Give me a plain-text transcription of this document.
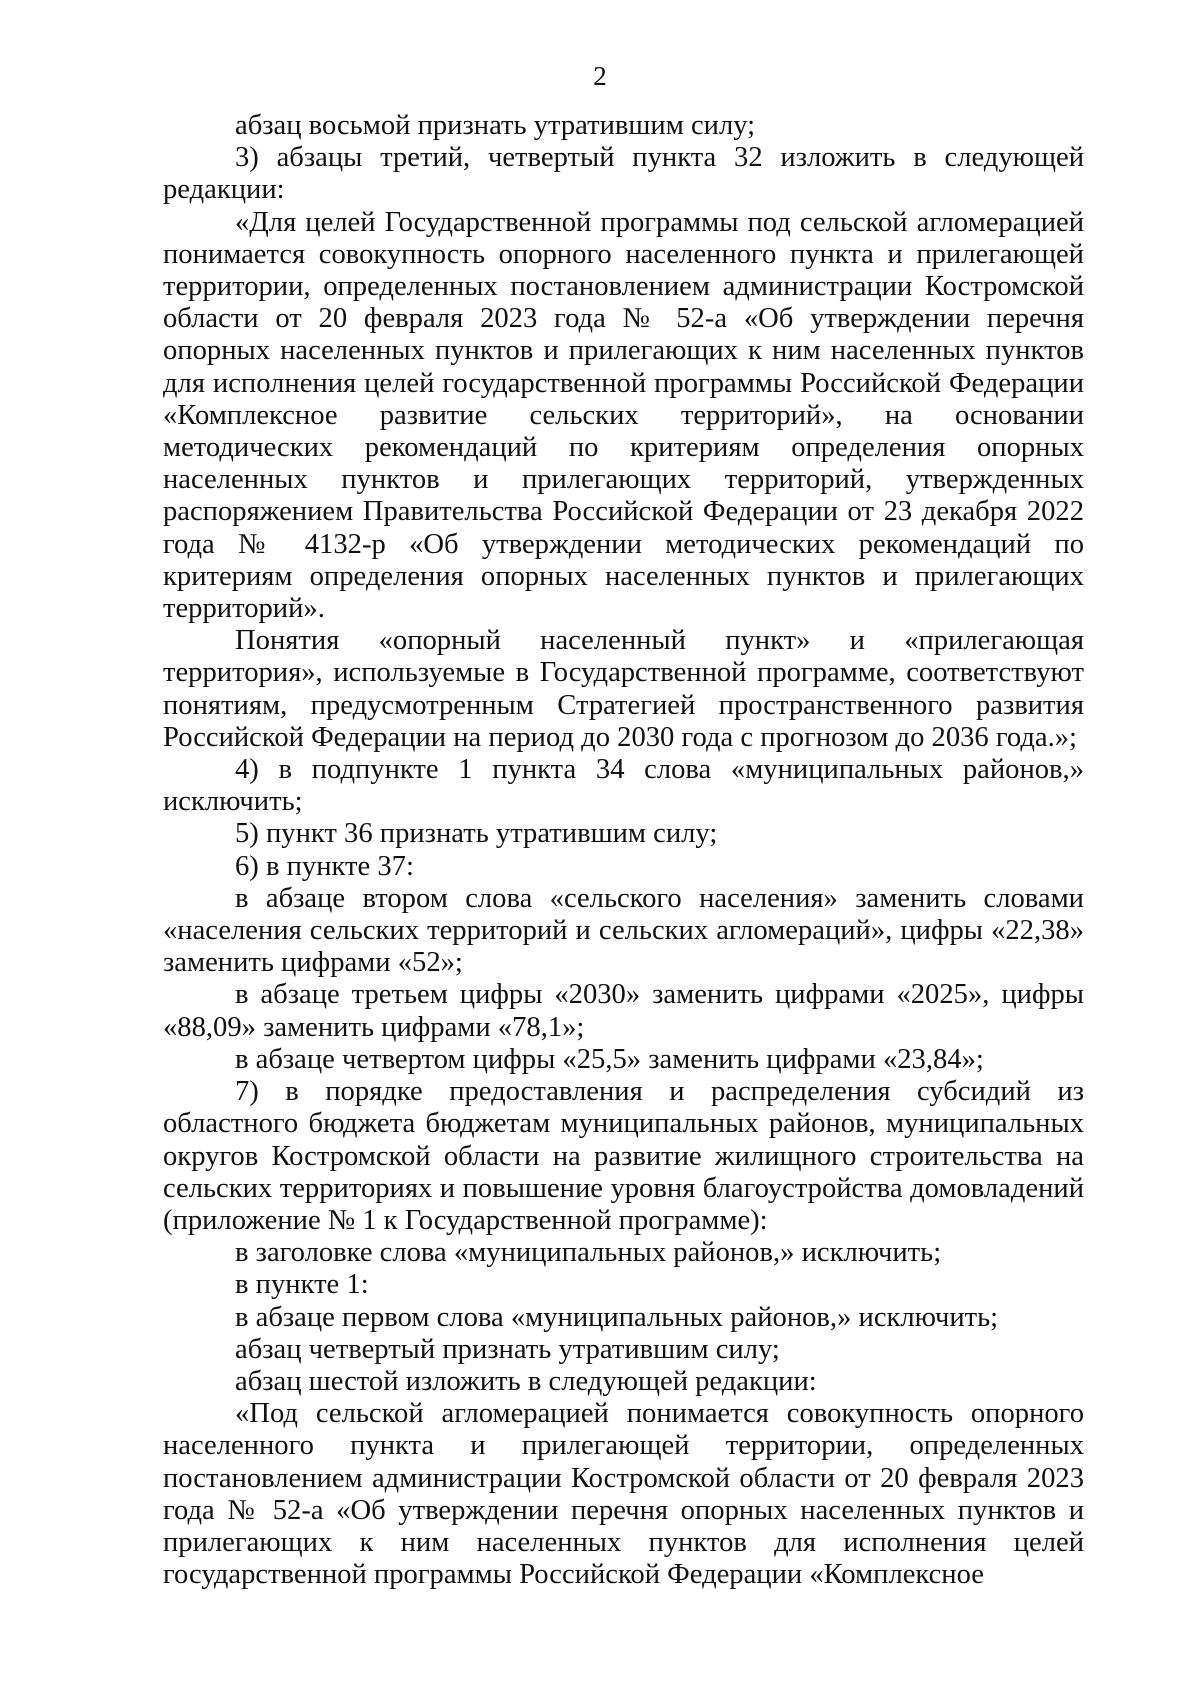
2

абзац восьмой признать утратившим силу;

3) абзацы третий, четвертый пункта 32 изложить в следующей редакции:

«Для целей Государственной программы под сельской агломерацией понимается совокупность опорного населенного пункта и прилегающей территории, определенных постановлением администрации Костромской области от 20 февраля 2023 года № 52-а «Об утверждении перечня опорных населенных пунктов и прилегающих к ним населенных пунктов для исполнения целей государственной программы Российской Федерации «Комплексное развитие сельских территорий», на основании методических рекомендаций по критериям определения опорных населенных пунктов и прилегающих территорий, утвержденных распоряжением Правительства Российской Федерации от 23 декабря 2022 года № 4132-р «Об утверждении методических рекомендаций по критериям определения опорных населенных пунктов и прилегающих территорий».

Понятия «опорный населенный пункт» и «прилегающая территория», используемые в Государственной программе, соответствуют понятиям, предусмотренным Стратегией пространственного развития Российской Федерации на период до 2030 года с прогнозом до 2036 года.»;

4) в подпункте 1 пункта 34 слова «муниципальных районов,» исключить;

5) пункт 36 признать утратившим силу;

6) в пункте 37:

в абзаце втором слова «сельского населения» заменить словами «населения сельских территорий и сельских агломераций», цифры «22,38» заменить цифрами «52»;

в абзаце третьем цифры «2030» заменить цифрами «2025», цифры «88,09» заменить цифрами «78,1»;

в абзаце четвертом цифры «25,5» заменить цифрами «23,84»;

7) в порядке предоставления и распределения субсидий из областного бюджета бюджетам муниципальных районов, муниципальных округов Костромской области на развитие жилищного строительства на сельских территориях и повышение уровня благоустройства домовладений (приложение № 1 к Государственной программе):

в заголовке слова «муниципальных районов,» исключить;

в пункте 1:

в абзаце первом слова «муниципальных районов,» исключить;

абзац четвертый признать утратившим силу;

абзац шестой изложить в следующей редакции:

«Под сельской агломерацией понимается совокупность опорного населенного пункта и прилегающей территории, определенных постановлением администрации Костромской области от 20 февраля 2023 года № 52-а «Об утверждении перечня опорных населенных пунктов и прилегающих к ним населенных пунктов для исполнения целей государственной программы Российской Федерации «Комплексное
